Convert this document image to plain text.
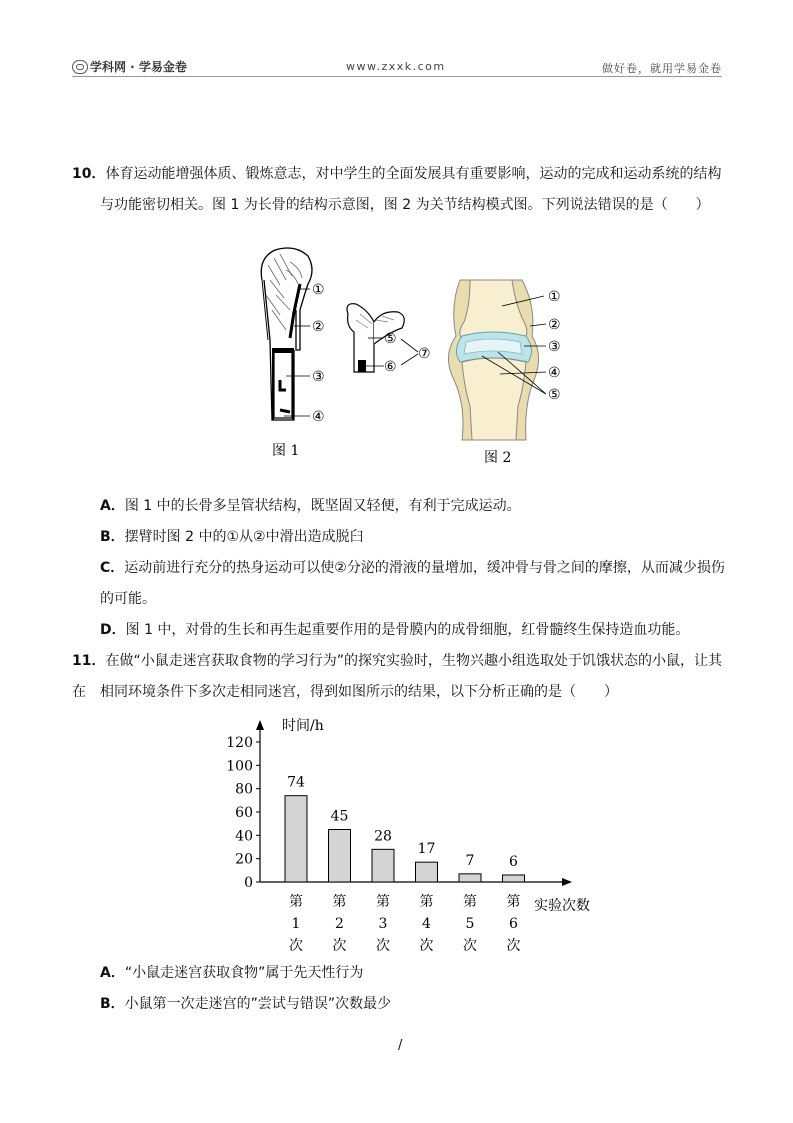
学科网 · 学易金卷	www.zxxk.com	做好卷，就用学易金卷
10．体育运动能增强体质、锻炼意志，对中学生的全面发展具有重要影响，运动的完成和运动系统的结构
与功能密切相关。图 1 为长骨的结构示意图，图 2 为关节结构模式图。下列说法错误的是（　　）
①
②
③
④
⑤
⑥
⑦
图 1
①
②
③
④
⑤
图 2
A．图 1 中的长骨多呈管状结构，既坚固又轻便，有利于完成运动。
B．摆臂时图 2 中的①从②中滑出造成脱臼
C．运动前进行充分的热身运动可以使②分泌的滑液的量增加，缓冲骨与骨之间的摩擦，从而减少损伤
的可能。
D．图 1 中，对骨的生长和再生起重要作用的是骨膜内的成骨细胞，红骨髓终生保持造血功能。
11．在做“小鼠走迷宫获取食物的学习行为”的探究实验时，生物兴趣小组选取处于饥饿状态的小鼠，让其在	相同环境条件下多次走相同迷宫，得到如图所示的结果，以下分析正确的是（　　）
时间/h
0
20
40
60
80
100
120
74
第
1
次
45
第
2
次
28
第
3
次
17
第
4
次
7
第
5
次
6
第
6
次
实验次数
A．“小鼠走迷宫获取食物”属于先天性行为
B．小鼠第一次走迷宫的”尝试与错误”次数最少
/
